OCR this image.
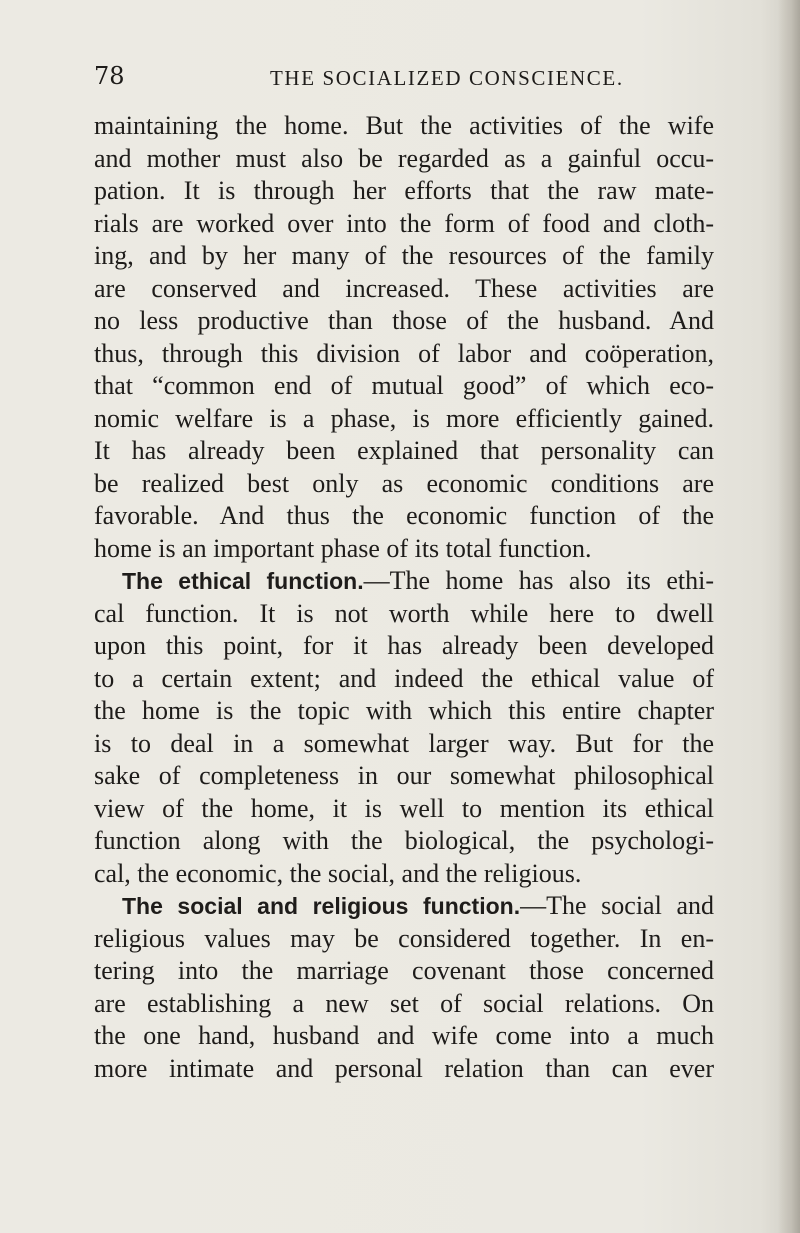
78	THE SOCIALIZED CONSCIENCE.
maintaining the home. But the activities of the wife
and mother must also be regarded as a gainful occu-
pation. It is through her efforts that the raw mate-
rials are worked over into the form of food and cloth-
ing, and by her many of the resources of the family
are conserved and increased. These activities are
no less productive than those of the husband. And
thus, through this division of labor and coöperation,
that “common end of mutual good” of which eco-
nomic welfare is a phase, is more efficiently gained.
It has already been explained that personality can
be realized best only as economic conditions are
favorable. And thus the economic function of the
home is an important phase of its total function.
The ethical function.—The home has also its ethi-
cal function. It is not worth while here to dwell
upon this point, for it has already been developed
to a certain extent; and indeed the ethical value of
the home is the topic with which this entire chapter
is to deal in a somewhat larger way. But for the
sake of completeness in our somewhat philosophical
view of the home, it is well to mention its ethical
function along with the biological, the psychologi-
cal, the economic, the social, and the religious.
The social and religious function.—The social and
religious values may be considered together. In en-
tering into the marriage covenant those concerned
are establishing a new set of social relations. On
the one hand, husband and wife come into a much
more intimate and personal relation than can ever
